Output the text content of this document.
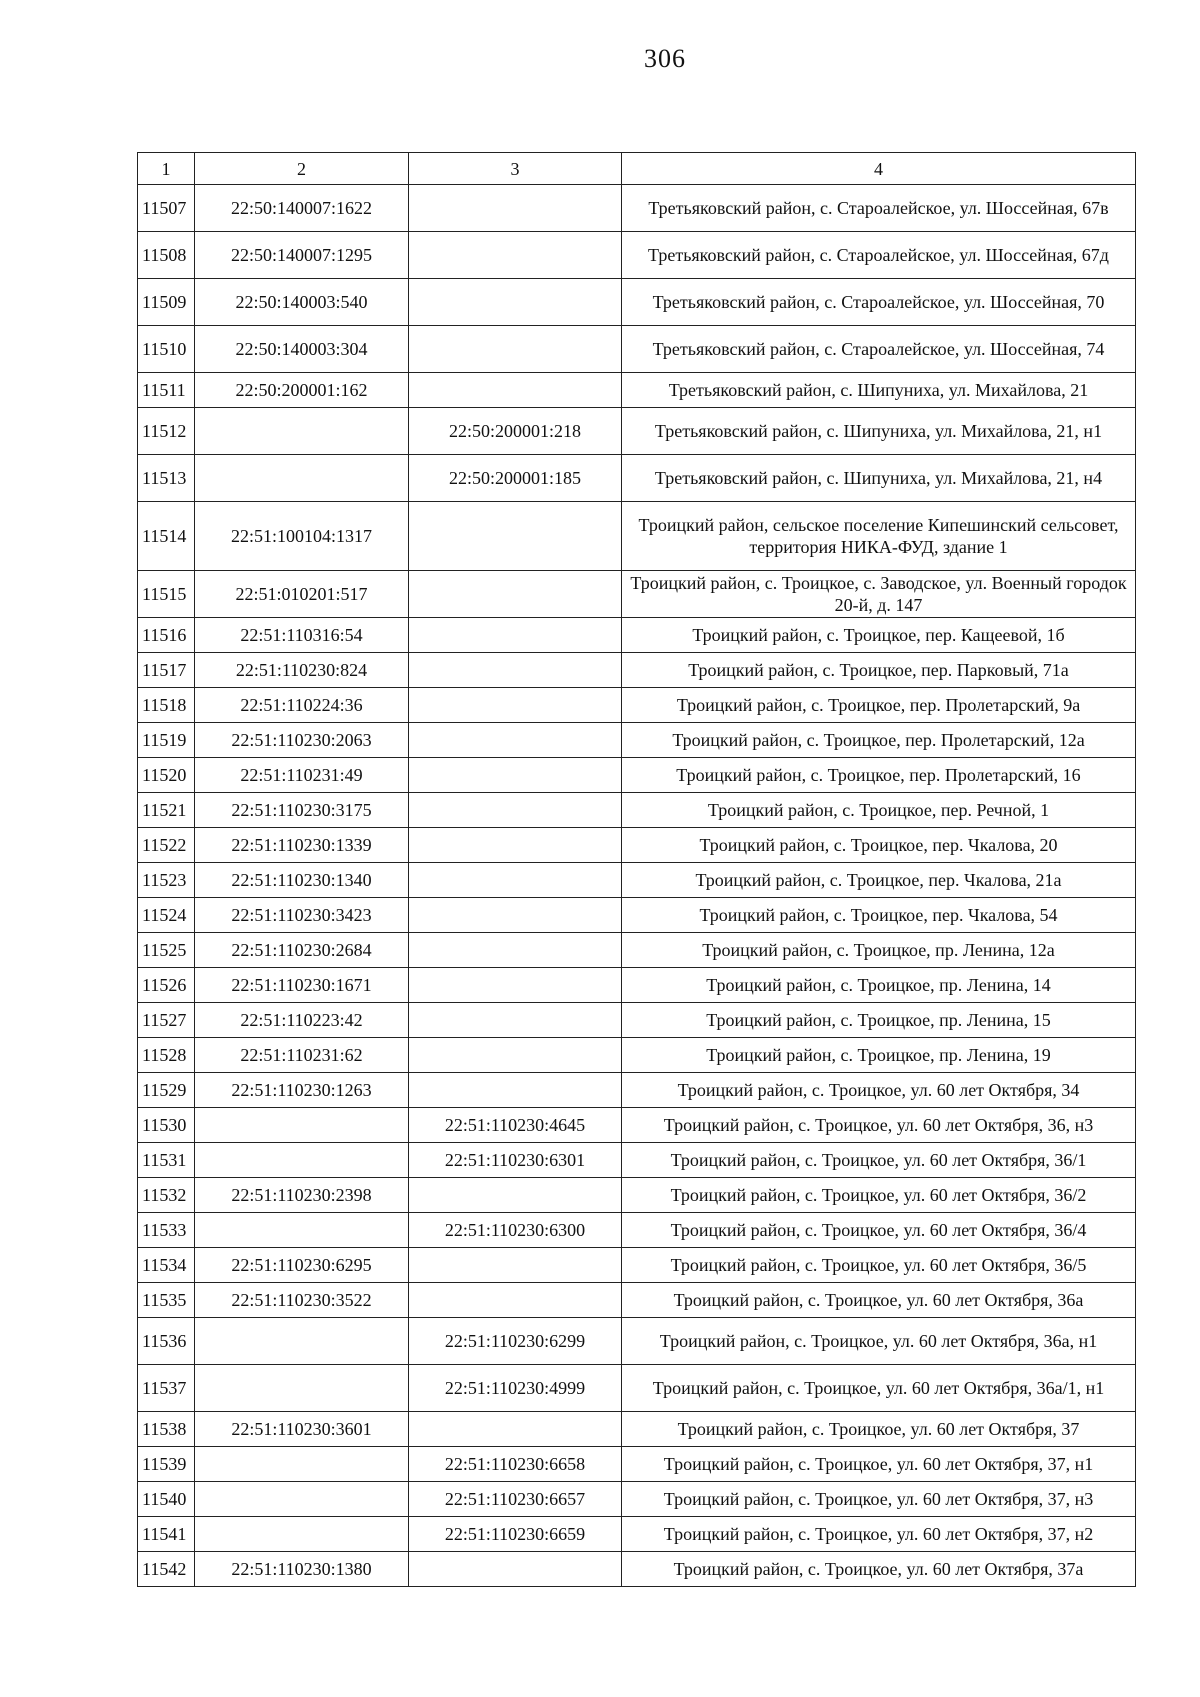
306
1	2	3	4
11507	22:50:140007:1622		Третьяковский район, с. Староалейское, ул. Шоссейная, 67в
11508	22:50:140007:1295		Третьяковский район, с. Староалейское, ул. Шоссейная, 67д
11509	22:50:140003:540		Третьяковский район, с. Староалейское, ул. Шоссейная, 70
11510	22:50:140003:304		Третьяковский район, с. Староалейское, ул. Шоссейная, 74
11511	22:50:200001:162		Третьяковский район, с. Шипуниха, ул. Михайлова, 21
11512		22:50:200001:218	Третьяковский район, с. Шипуниха, ул. Михайлова, 21, н1
11513		22:50:200001:185	Третьяковский район, с. Шипуниха, ул. Михайлова, 21, н4
11514	22:51:100104:1317		Троицкий район, сельское поселение Кипешинский сельсовет, территория НИКА-ФУД, здание 1
11515	22:51:010201:517		Троицкий район, с. Троицкое, с. Заводское, ул. Военный городок 20-й, д. 147
11516	22:51:110316:54		Троицкий район, с. Троицкое, пер. Кащеевой, 1б
11517	22:51:110230:824		Троицкий район, с. Троицкое, пер. Парковый, 71а
11518	22:51:110224:36		Троицкий район, с. Троицкое, пер. Пролетарский, 9а
11519	22:51:110230:2063		Троицкий район, с. Троицкое, пер. Пролетарский, 12а
11520	22:51:110231:49		Троицкий район, с. Троицкое, пер. Пролетарский, 16
11521	22:51:110230:3175		Троицкий район, с. Троицкое, пер. Речной, 1
11522	22:51:110230:1339		Троицкий район, с. Троицкое, пер. Чкалова, 20
11523	22:51:110230:1340		Троицкий район, с. Троицкое, пер. Чкалова, 21а
11524	22:51:110230:3423		Троицкий район, с. Троицкое, пер. Чкалова, 54
11525	22:51:110230:2684		Троицкий район, с. Троицкое, пр. Ленина, 12а
11526	22:51:110230:1671		Троицкий район, с. Троицкое, пр. Ленина, 14
11527	22:51:110223:42		Троицкий район, с. Троицкое, пр. Ленина, 15
11528	22:51:110231:62		Троицкий район, с. Троицкое, пр. Ленина, 19
11529	22:51:110230:1263		Троицкий район, с. Троицкое, ул. 60 лет Октября, 34
11530		22:51:110230:4645	Троицкий район, с. Троицкое, ул. 60 лет Октября, 36, н3
11531		22:51:110230:6301	Троицкий район, с. Троицкое, ул. 60 лет Октября, 36/1
11532	22:51:110230:2398		Троицкий район, с. Троицкое, ул. 60 лет Октября, 36/2
11533		22:51:110230:6300	Троицкий район, с. Троицкое, ул. 60 лет Октября, 36/4
11534	22:51:110230:6295		Троицкий район, с. Троицкое, ул. 60 лет Октября, 36/5
11535	22:51:110230:3522		Троицкий район, с. Троицкое, ул. 60 лет Октября, 36а
11536		22:51:110230:6299	Троицкий район, с. Троицкое, ул. 60 лет Октября, 36а, н1
11537		22:51:110230:4999	Троицкий район, с. Троицкое, ул. 60 лет Октября, 36а/1, н1
11538	22:51:110230:3601		Троицкий район, с. Троицкое, ул. 60 лет Октября, 37
11539		22:51:110230:6658	Троицкий район, с. Троицкое, ул. 60 лет Октября, 37, н1
11540		22:51:110230:6657	Троицкий район, с. Троицкое, ул. 60 лет Октября, 37, н3
11541		22:51:110230:6659	Троицкий район, с. Троицкое, ул. 60 лет Октября, 37, н2
11542	22:51:110230:1380		Троицкий район, с. Троицкое, ул. 60 лет Октября, 37а
